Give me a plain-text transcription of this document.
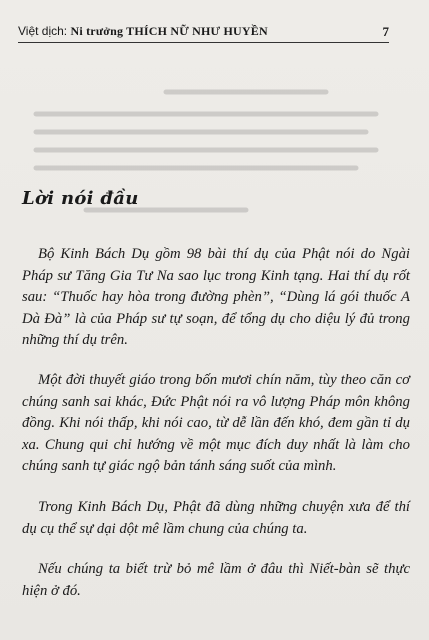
Việt dịch: Ni trưởng THÍCH NỮ NHƯ HUYỀN	7
Lời nói đầu

Bộ Kinh Bách Dụ gồm 98 bài thí dụ của Phật nói do Ngài Pháp sư Tăng Gia Tư Na sao lục trong Kinh tạng. Hai thí dụ rốt sau: “Thuốc hay hòa trong đường phèn”, “Dùng lá gói thuốc A Dà Đà” là của Pháp sư tự soạn, để tổng dụ cho diệu lý đủ trong những thí dụ trên.

Một đời thuyết giáo trong bốn mươi chín năm, tùy theo căn cơ chúng sanh sai khác, Đức Phật nói ra vô lượng Pháp môn không đồng. Khi nói thấp, khi nói cao, từ dễ lần đến khó, đem gần tỉ dụ xa. Chung qui chỉ hướng về một mục đích duy nhất là làm cho chúng sanh tự giác ngộ bản tánh sáng suốt của mình.

Trong Kinh Bách Dụ, Phật đã dùng những chuyện xưa để thí dụ cụ thể sự dại dột mê lầm chung của chúng ta.

Nếu chúng ta biết trừ bỏ mê lầm ở đâu thì Niết-bàn sẽ thực hiện ở đó.
